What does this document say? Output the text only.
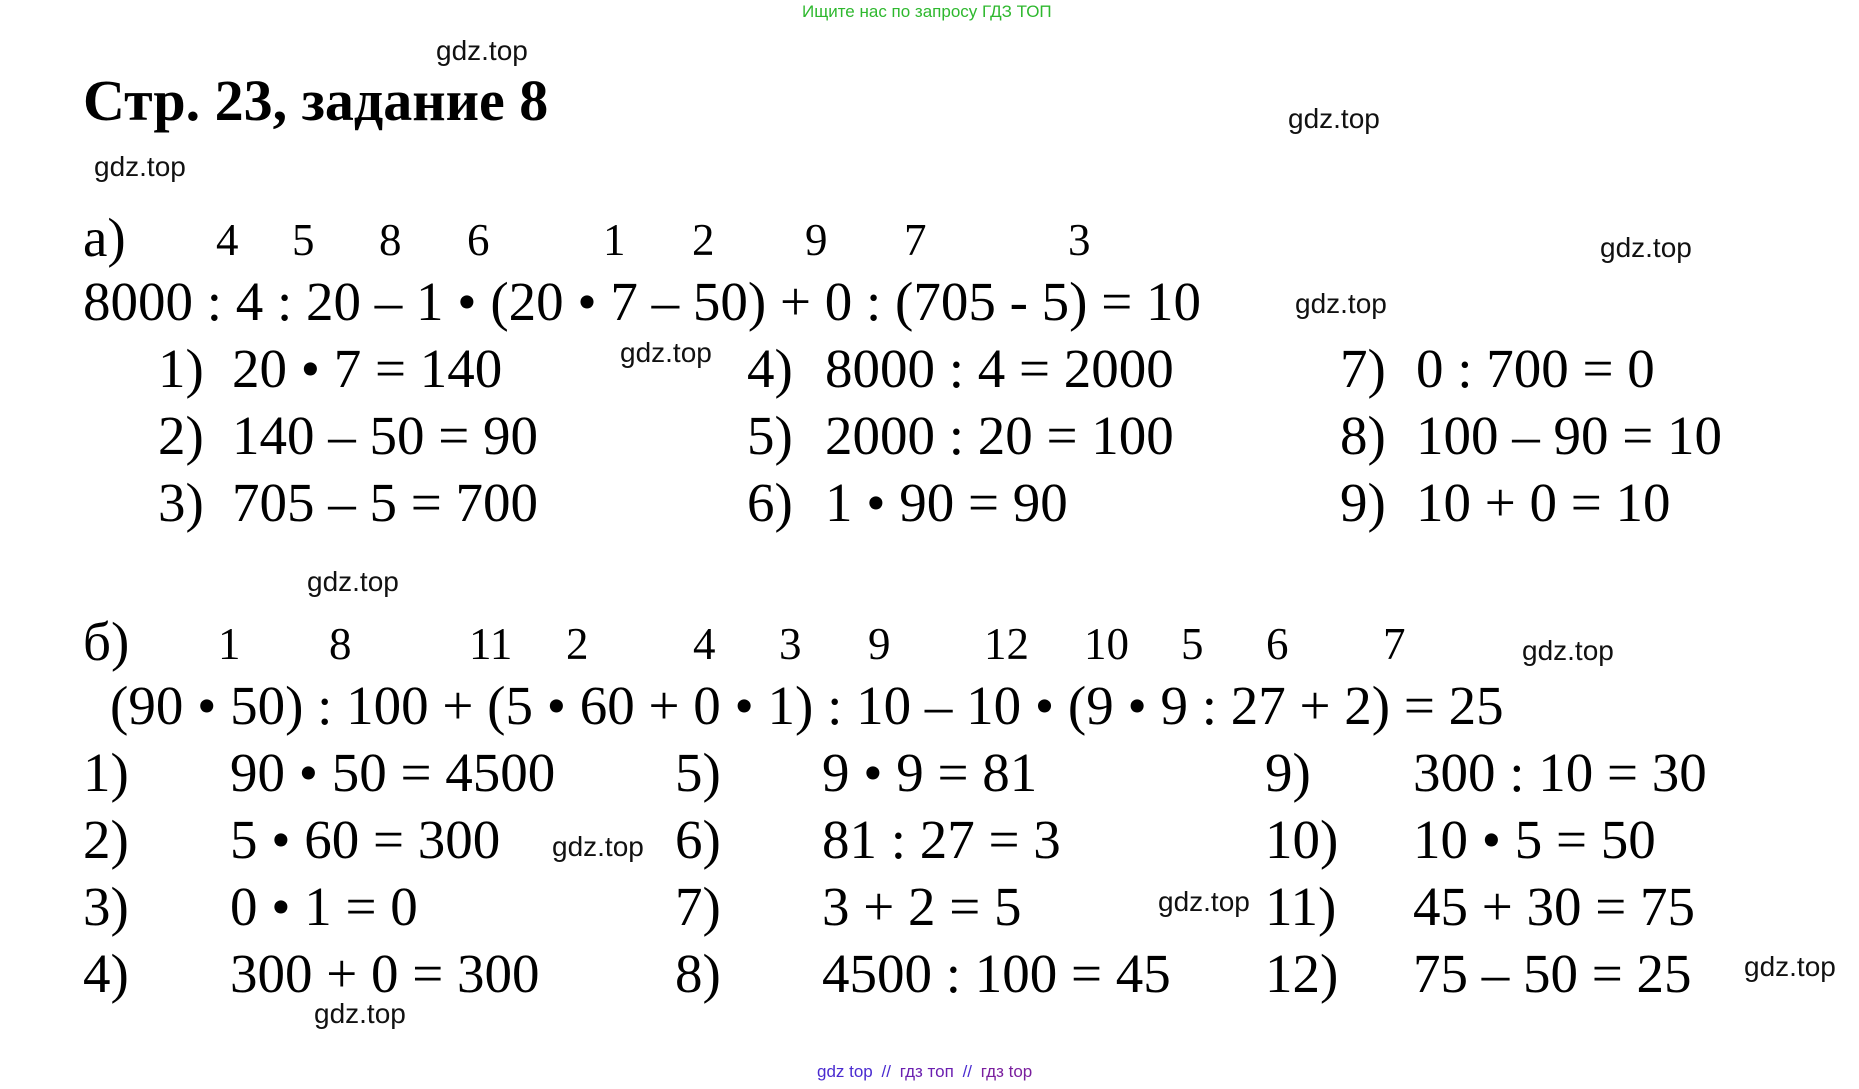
Ищите нас по запросу ГДЗ ТОП
Стр. 23, задание 8
gdz.top
gdz.top
gdz.top
gdz.top
gdz.top
gdz.top
gdz.top
gdz.top
gdz.top
gdz.top
gdz.top
gdz.top
а) 4 5 8 6	1 2 9 7	3
8000 : 4 : 20 – 1 • (20 • 7 – 50) + 0 : (705 - 5) = 10
1) 20 • 7 = 140
2) 140 – 50 = 90
3) 705 – 5 = 700
4) 8000 : 4 = 2000
5) 2000 : 20 = 100
6) 1 • 90 = 90
7) 0 : 700 = 0
8) 100 – 90 = 10
9) 10 + 0 = 10
б) 1 8	11 2 4 3 9 12 10 5 6 7
(90 • 50) : 100 + (5 • 60 + 0 • 1) : 10 – 10 • (9 • 9 : 27 + 2) = 25
1) 90 • 50 = 4500
2) 5 • 60 = 300
3) 0 • 1 = 0
4) 300 + 0 = 300
5) 9 • 9 = 81
6) 81 : 27 = 3
7) 3 + 2 = 5
8) 4500 : 100 = 45
9) 300 : 10 = 30
10) 10 • 5 = 50
11) 45 + 30 = 75
12) 75 – 50 = 25
gdz top // гдз топ // гдз top
